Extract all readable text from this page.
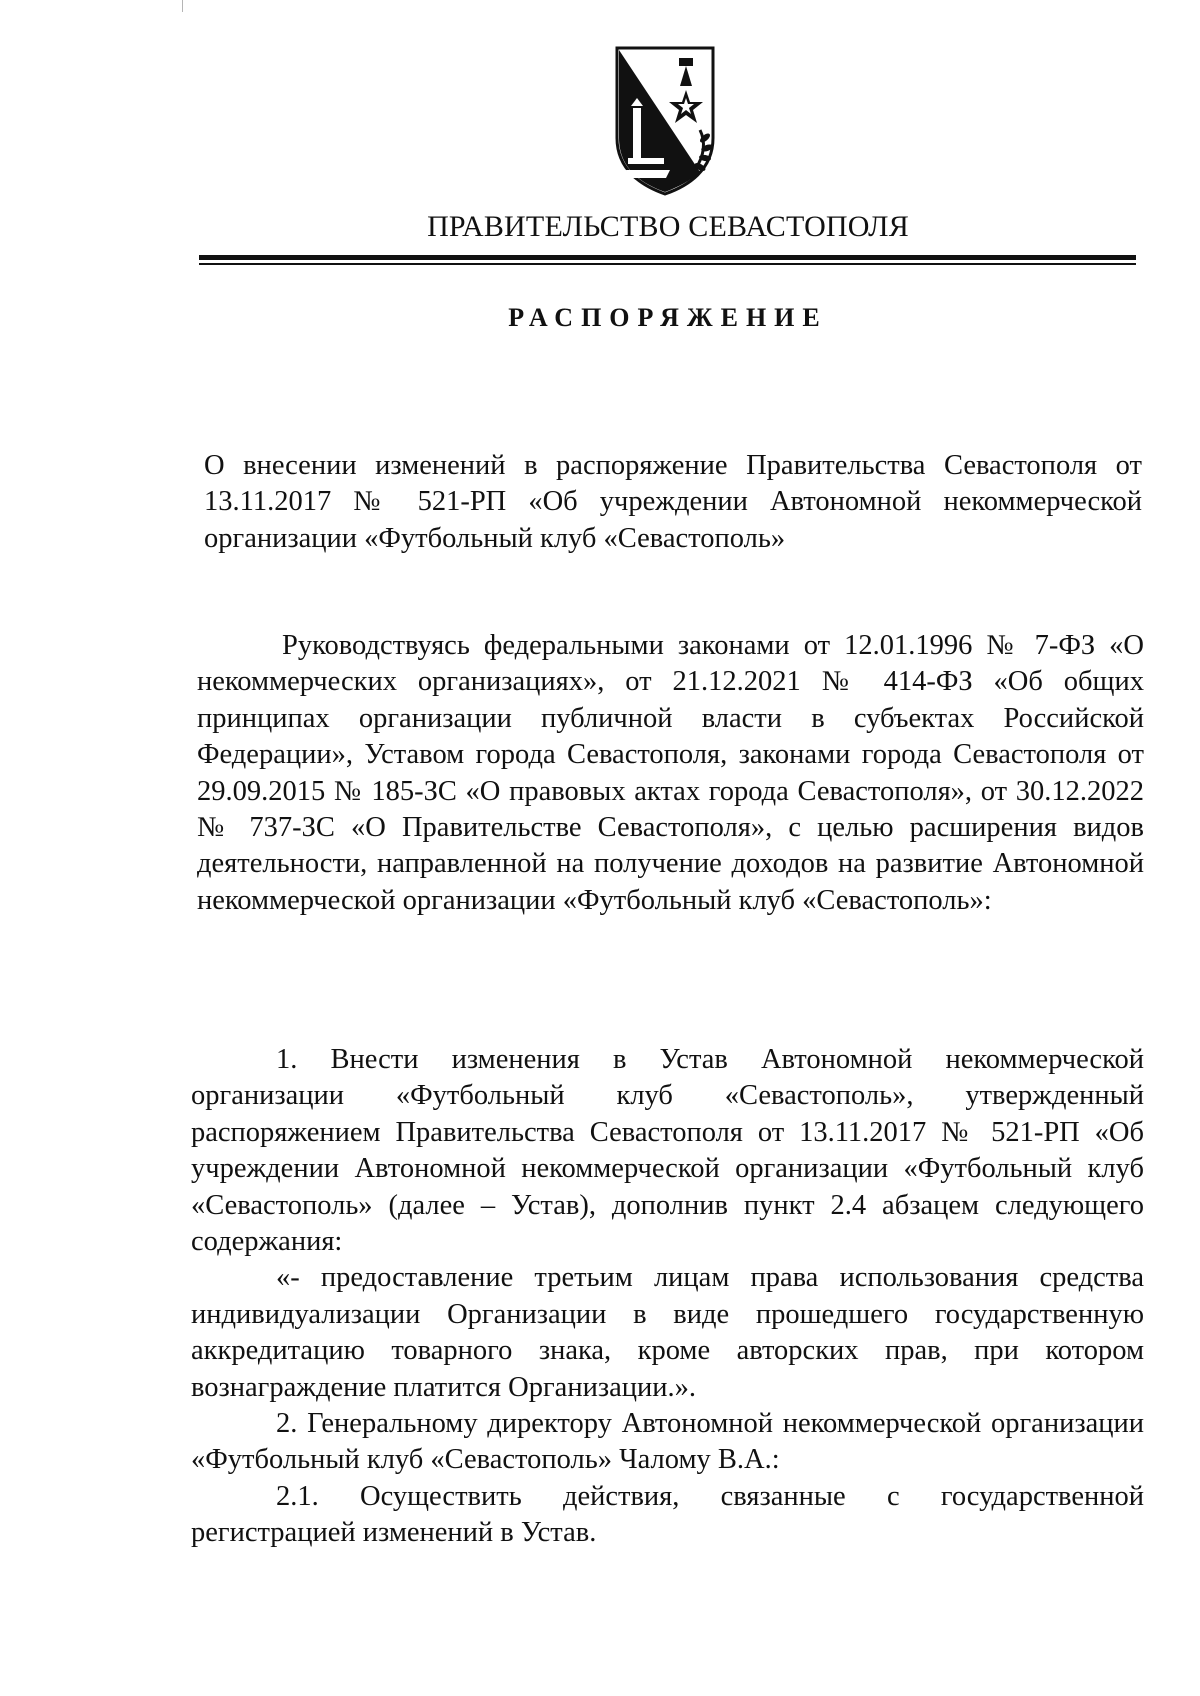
ПРАВИТЕЛЬСТВО СЕВАСТОПОЛЯ
РАСПОРЯЖЕНИЕ

О внесении изменений в распоряжение Правительства Севастополя от 13.11.2017 № 521-РП «Об учреждении Автономной некоммерческой организации «Футбольный клуб «Севастополь»

Руководствуясь федеральными законами от 12.01.1996 № 7-ФЗ «О некоммерческих организациях», от 21.12.2021 № 414-ФЗ «Об общих принципах организации публичной власти в субъектах Российской Федерации», Уставом города Севастополя, законами города Севастополя от 29.09.2015 № 185-ЗС «О правовых актах города Севастополя», от 30.12.2022 № 737-ЗС «О Правительстве Севастополя», с целью расширения видов деятельности, направленной на получение доходов на развитие Автономной некоммерческой организации «Футбольный клуб «Севастополь»:

1. Внести изменения в Устав Автономной некоммерческой организации «Футбольный клуб «Севастополь», утвержденный распоряжением Правительства Севастополя от 13.11.2017 № 521-РП «Об учреждении Автономной некоммерческой организации «Футбольный клуб «Севастополь» (далее – Устав), дополнив пункт 2.4 абзацем следующего содержания:

«- предоставление третьим лицам права использования средства индивидуализации Организации в виде прошедшего государственную аккредитацию товарного знака, кроме авторских прав, при котором вознаграждение платится Организации.».

2. Генеральному директору Автономной некоммерческой организации «Футбольный клуб «Севастополь» Чалому В.А.:

2.1. Осуществить действия, связанные с государственной регистрацией изменений в Устав.
